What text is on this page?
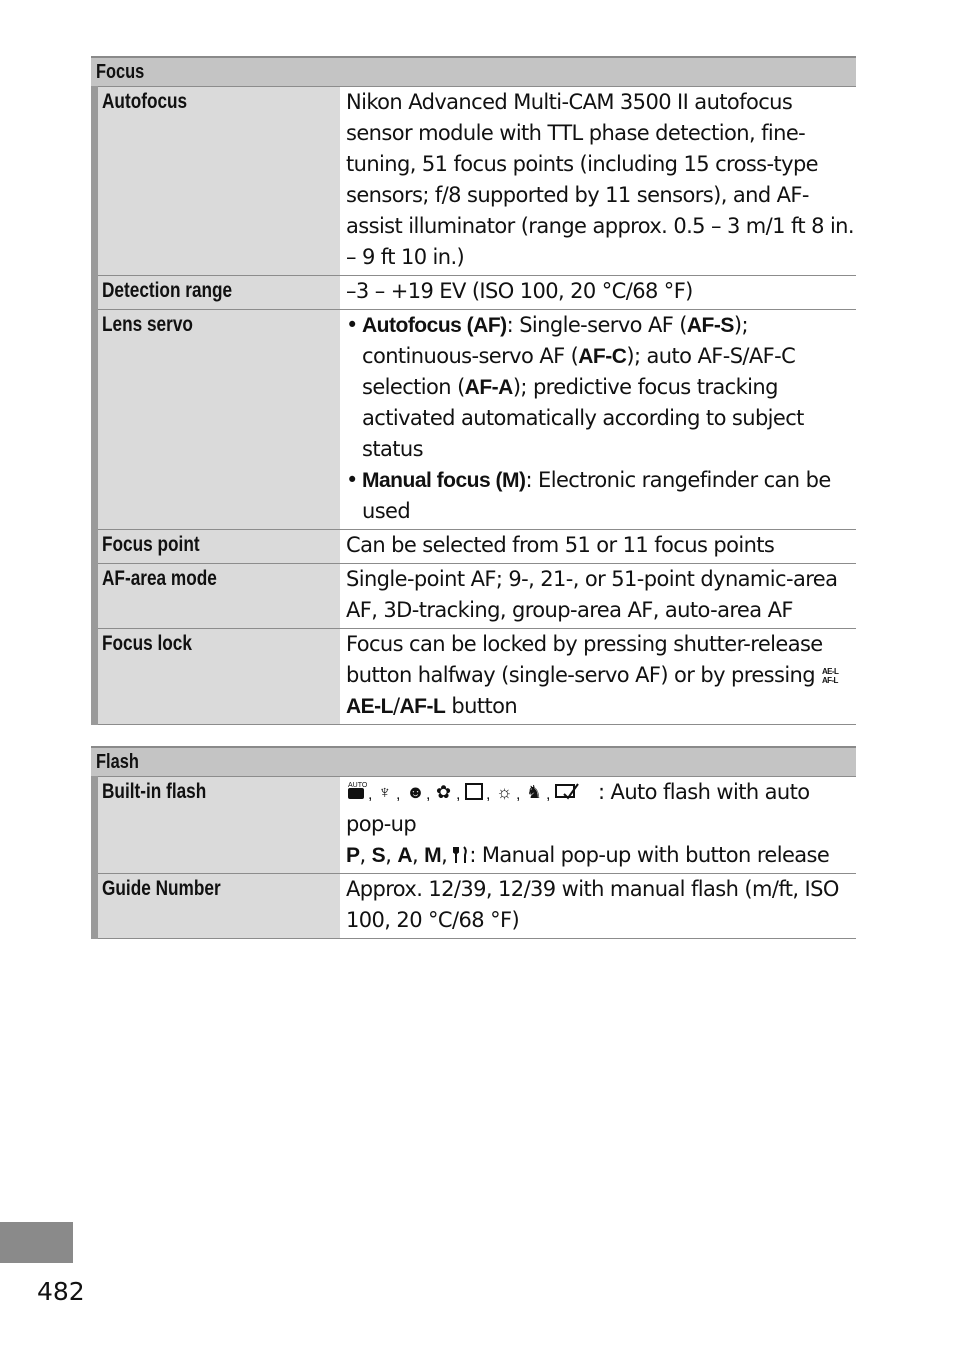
Focus
Autofocus	Nikon Advanced Multi-CAM 3500 II autofocus sensor module with TTL phase detection, fine-tuning, 51 focus points (including 15 cross-type sensors; f/8 supported by 11 sensors), and AF-assist illuminator (range approx. 0.5 – 3 m/1 ft 8 in. – 9 ft 10 in.)
Detection range	–3 – +19 EV (ISO 100, 20 °C/68 °F)
Lens servo	• Autofocus (AF): Single-servo AF (AF-S); continuous-servo AF (AF-C); auto AF-S/AF-C selection (AF-A); predictive focus tracking activated automatically according to subject status
• Manual focus (M): Electronic rangefinder can be used
Focus point	Can be selected from 51 or 11 focus points
AF-area mode	Single-point AF; 9-, 21-, or 51-point dynamic-area AF, 3D-tracking, group-area AF, auto-area AF
Focus lock	Focus can be locked by pressing shutter-release button halfway (single-servo AF) or by pressing AE-L
AF-L
AE-L/AF-L button
Flash
Built-in flash	AUTO
, ♆ , ☻ , ✿ , , ☼ , ♞ , : Auto flash with auto pop-up
P, S, A, M, : Manual pop-up with button release
Guide Number	Approx. 12/39, 12/39 with manual flash (m/ft, ISO 100, 20 °C/68 °F)
482
